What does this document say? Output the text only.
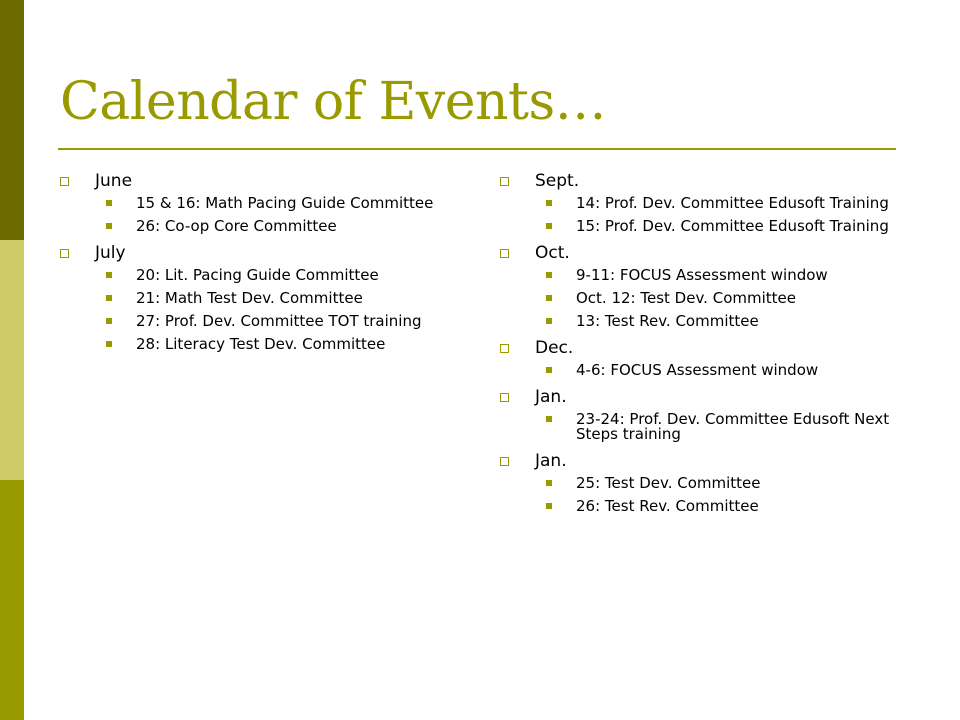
Calendar of Events…
June
15 & 16: Math Pacing Guide Committee
26: Co-op Core Committee
July
20: Lit. Pacing Guide Committee
21: Math Test Dev. Committee
27: Prof. Dev. Committee TOT training
28: Literacy Test Dev. Committee
Sept.
14: Prof. Dev. Committee Edusoft Training
15: Prof. Dev. Committee Edusoft Training
Oct.
9-11: FOCUS Assessment window
Oct. 12: Test Dev. Committee
13: Test Rev. Committee
Dec.
4-6: FOCUS Assessment window
Jan.
23-24: Prof. Dev. Committee Edusoft Next Steps training
Jan.
25: Test Dev. Committee
26: Test Rev. Committee
